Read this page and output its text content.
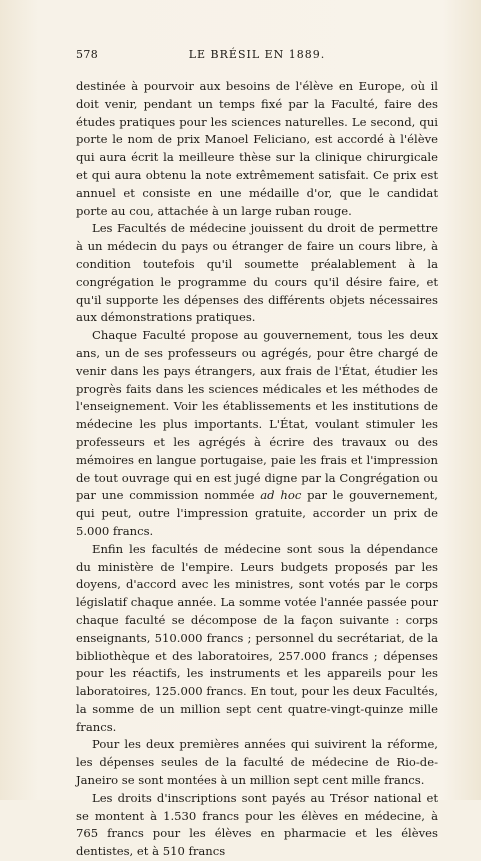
578	LE BRÉSIL EN 1889.

destinée à pourvoir aux besoins de l'élève en Europe, où il doit venir, pendant un temps fixé par la Faculté, faire des études pratiques pour les sciences naturelles. Le second, qui porte le nom de prix Manoel Feliciano, est accordé à l'élève qui aura écrit la meilleure thèse sur la clinique chirurgicale et qui aura obtenu la note extrêmement satisfait. Ce prix est annuel et consiste en une médaille d'or, que le candidat porte au cou, attachée à un large ruban rouge.

Les Facultés de médecine jouissent du droit de permettre à un médecin du pays ou étranger de faire un cours libre, à condition toutefois qu'il soumette préalablement à la congrégation le programme du cours qu'il désire faire, et qu'il supporte les dépenses des différents objets nécessaires aux démonstrations pratiques.

Chaque Faculté propose au gouvernement, tous les deux ans, un de ses professeurs ou agrégés, pour être chargé de venir dans les pays étrangers, aux frais de l'État, étudier les progrès faits dans les sciences médicales et les méthodes de l'enseignement. Voir les établissements et les institutions de médecine les plus importants. L'État, voulant stimuler les professeurs et les agrégés à écrire des travaux ou des mémoires en langue portugaise, paie les frais et l'impression de tout ouvrage qui en est jugé digne par la Congrégation ou par une commission nommée ad hoc par le gouvernement, qui peut, outre l'impression gratuite, accorder un prix de 5.000 francs.

Enfin les facultés de médecine sont sous la dépendance du ministère de l'empire. Leurs budgets proposés par les doyens, d'accord avec les ministres, sont votés par le corps législatif chaque année. La somme votée l'année passée pour chaque faculté se décompose de la façon suivante : corps enseignants, 510.000 francs ; personnel du secrétariat, de la bibliothèque et des laboratoires, 257.000 francs ; dépenses pour les réactifs, les instruments et les appareils pour les laboratoires, 125.000 francs. En tout, pour les deux Facultés, la somme de un million sept cent quatre-vingt-quinze mille francs.

Pour les deux premières années qui suivirent la réforme, les dépenses seules de la faculté de médecine de Rio-de-Janeiro se sont montées à un million sept cent mille francs.

Les droits d'inscriptions sont payés au Trésor national et se montent à 1.530 francs pour les élèves en médecine, à 765 francs pour les élèves en pharmacie et les élèves dentistes, et à 510 francs
